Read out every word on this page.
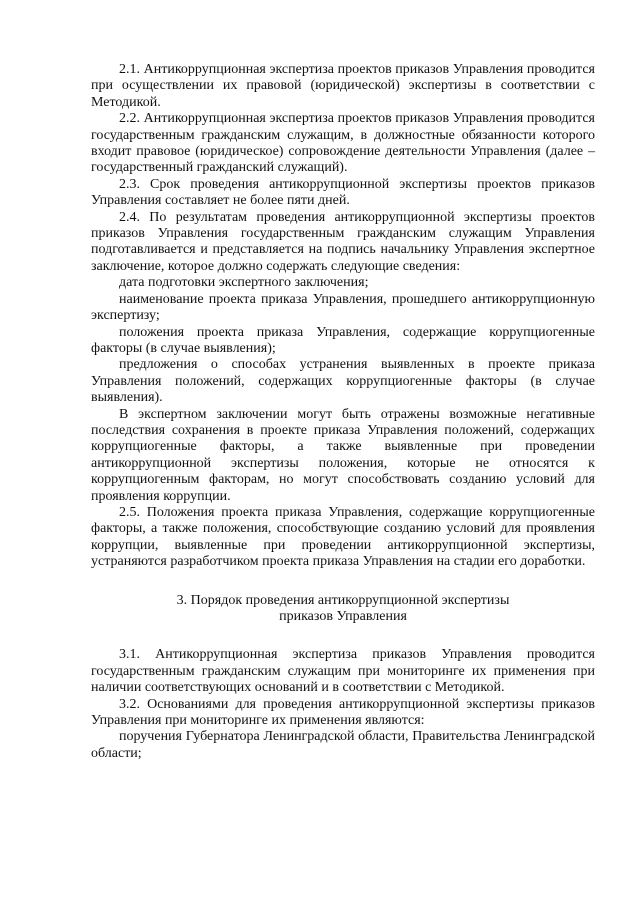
2.1. Антикоррупционная экспертиза проектов приказов Управления проводится при осуществлении их правовой (юридической) экспертизы в соответствии с Методикой.

2.2. Антикоррупционная экспертиза проектов приказов Управления проводится государственным гражданским служащим, в должностные обязанности которого входит правовое (юридическое) сопровождение деятельности Управления (далее – государственный гражданский служащий).

2.3. Срок проведения антикоррупционной экспертизы проектов приказов Управления составляет не более пяти дней.

2.4. По результатам проведения антикоррупционной экспертизы проектов приказов Управления государственным гражданским служащим Управления подготавливается и представляется на подпись начальнику Управления экспертное заключение, которое должно содержать следующие сведения:

дата подготовки экспертного заключения;

наименование проекта приказа Управления, прошедшего антикоррупционную экспертизу;

положения проекта приказа Управления, содержащие коррупциогенные факторы (в случае выявления);

предложения о способах устранения выявленных в проекте приказа Управления положений, содержащих коррупциогенные факторы (в случае выявления).

В экспертном заключении могут быть отражены возможные негативные последствия сохранения в проекте приказа Управления положений, содержащих коррупциогенные факторы, а также выявленные при проведении антикоррупционной экспертизы положения, которые не относятся к коррупциогенным факторам, но могут способствовать созданию условий для проявления коррупции.

2.5. Положения проекта приказа Управления, содержащие коррупциогенные факторы, а также положения, способствующие созданию условий для проявления коррупции, выявленные при проведении антикоррупционной экспертизы, устраняются разработчиком проекта приказа Управления на стадии его доработки.

3. Порядок проведения антикоррупционной экспертизы

приказов Управления

3.1. Антикоррупционная экспертиза приказов Управления проводится государственным гражданским служащим при мониторинге их применения при наличии соответствующих оснований и в соответствии с Методикой.

3.2. Основаниями для проведения антикоррупционной экспертизы приказов Управления при мониторинге их применения являются:

поручения Губернатора Ленинградской области, Правительства Ленинградской области;
